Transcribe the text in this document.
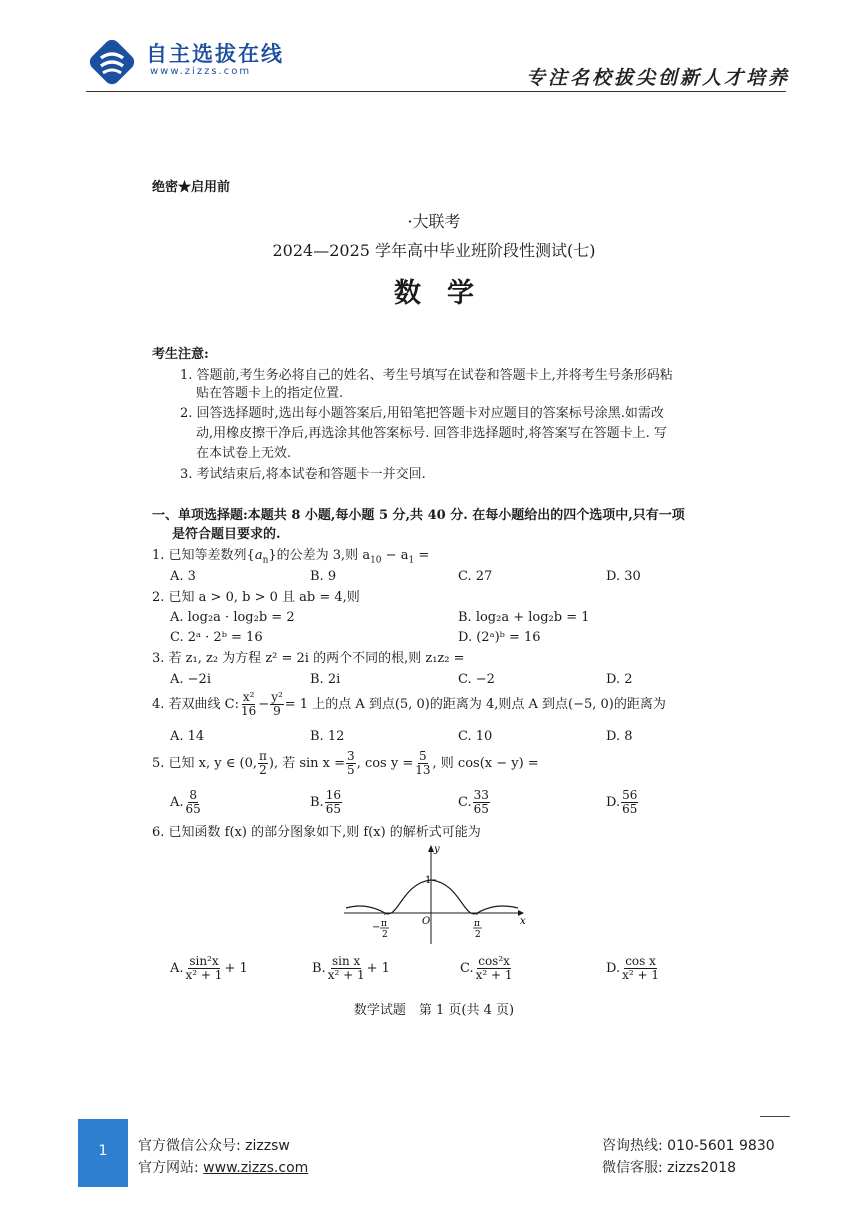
自主选拔在线
www.zizzs.com	专注名校拔尖创新人才培养
绝密★启用前
·大联考
2024—2025 学年高中毕业班阶段性测试(七)
数学
考生注意:
1. 答题前,考生务必将自己的姓名、考生号填写在试卷和答题卡上,并将考生号条形码粘
贴在答题卡上的指定位置.
2. 回答选择题时,选出每小题答案后,用铅笔把答题卡对应题目的答案标号涂黑.如需改
动,用橡皮擦干净后,再选涂其他答案标号. 回答非选择题时,将答案写在答题卡上. 写
在本试卷上无效.
3. 考试结束后,将本试卷和答题卡一并交回.
一、单项选择题:本题共 8 小题,每小题 5 分,共 40 分. 在每小题给出的四个选项中,只有一项
是符合题目要求的.
1. 已知等差数列$\{a_n\}$的公差为 3,则 $a_{10} - a_1$ =
A. 3	B. 9	C. 27	D. 30
2. 已知 a > 0, b > 0 且 ab = 4,则
A. log₂a · log₂b = 2	B. log₂a + log₂b = 1
C. 2ᵃ · 2ᵇ = 16	D. (2ᵃ)ᵇ = 16
3. 若 z₁, z₂ 为方程 z² = 2i 的两个不同的根,则 z₁z₂ =
A. −2i	B. 2i	C. −2	D. 2
4. 若双曲线 C: $\frac{\text{x²}}{16} - \frac{\text{y²}}{9} = 1$ 上的点 A 到点(5, 0)的距离为 4,则点 A 到点(−5, 0)的距离为
A. 14	B. 12	C. 10	D. 8
5. 已知 x, y ∈ (0, $\frac{\pi}{2}$ ), 若 $\sin x = \frac{3}{5}$ , $\cos y = \frac{5}{13}$ , 则 cos(x − y) =
A. $\frac{8}{65}$	B. $\frac{16}{65}$	C. $\frac{33}{65}$	D. $\frac{56}{65}$
6. 已知函数 f(x) 的部分图象如下,则 f(x) 的解析式可能为
y
x
O
1
− π
2
π
2
A. $\frac{\text{sin²x}}{\text{x² + 1}} + 1$	B. $\frac{\text{sin x}}{\text{x² + 1}} + 1$	C. $\frac{\text{cos²x}}{\text{x² + 1}}$	D. $\frac{\text{cos x}}{\text{x² + 1}}$
数学试题　第 1 页(共 4 页)
1	官方微信公众号: zizzsw
官方网站: www.zizzs.com
咨询热线: 010-5601 9830
微信客服: zizzs2018
